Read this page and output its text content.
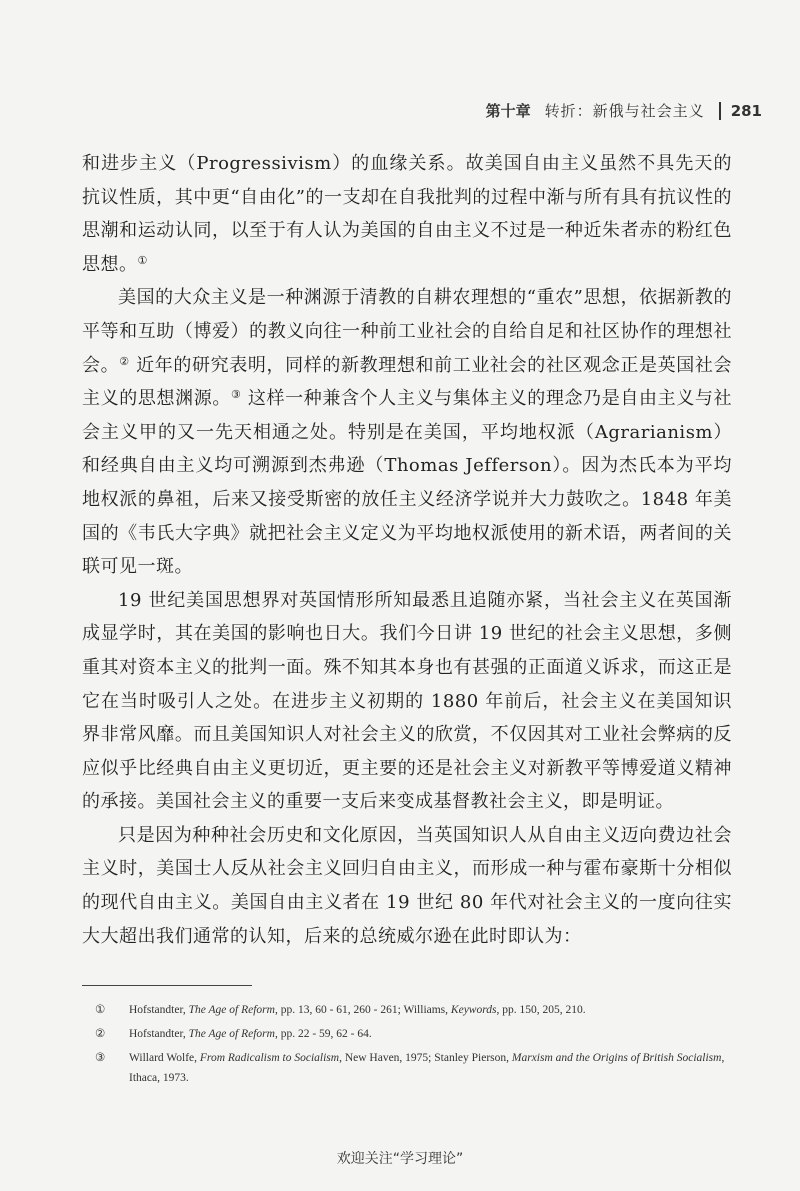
第十章 转折：新俄与社会主义 281

和进步主义（Progressivism）的血缘关系。故美国自由主义虽然不具先天的抗议性质，其中更“自由化”的一支却在自我批判的过程中渐与所有具有抗议性的思潮和运动认同，以至于有人认为美国的自由主义不过是一种近朱者赤的粉红色思想。①

美国的大众主义是一种渊源于清教的自耕农理想的“重农”思想，依据新教的平等和互助（博爱）的教义向往一种前工业社会的自给自足和社区协作的理想社会。② 近年的研究表明，同样的新教理想和前工业社会的社区观念正是英国社会主义的思想渊源。③ 这样一种兼含个人主义与集体主义的理念乃是自由主义与社会主义甲的又一先天相通之处。特别是在美国，平均地权派（Agrarianism）和经典自由主义均可溯源到杰弗逊（Thomas Jefferson）。因为杰氏本为平均地权派的鼻祖，后来又接受斯密的放任主义经济学说并大力鼓吹之。1848 年美国的《韦氏大字典》就把社会主义定义为平均地权派使用的新术语，两者间的关联可见一斑。

19 世纪美国思想界对英国情形所知最悉且追随亦紧，当社会主义在英国渐成显学时，其在美国的影响也日大。我们今日讲 19 世纪的社会主义思想，多侧重其对资本主义的批判一面。殊不知其本身也有甚强的正面道义诉求，而这正是它在当时吸引人之处。在进步主义初期的 1880 年前后，社会主义在美国知识界非常风靡。而且美国知识人对社会主义的欣赏，不仅因其对工业社会弊病的反应似乎比经典自由主义更切近，更主要的还是社会主义对新教平等博爱道义精神的承接。美国社会主义的重要一支后来变成基督教社会主义，即是明证。

只是因为种种社会历史和文化原因，当英国知识人从自由主义迈向费边社会主义时，美国士人反从社会主义回归自由主义，而形成一种与霍布豪斯十分相似的现代自由主义。美国自由主义者在 19 世纪 80 年代对社会主义的一度向往实大大超出我们通常的认知，后来的总统威尔逊在此时即认为：

①	Hofstandter, The Age of Reform, pp. 13, 60 - 61, 260 - 261; Williams, Keywords, pp. 150, 205, 210.
②	Hofstandter, The Age of Reform, pp. 22 - 59, 62 - 64.
③	Willard Wolfe, From Radicalism to Socialism, New Haven, 1975; Stanley Pierson, Marxism and the Origins of British Socialism, Ithaca, 1973.
欢迎关注“学习理论”
